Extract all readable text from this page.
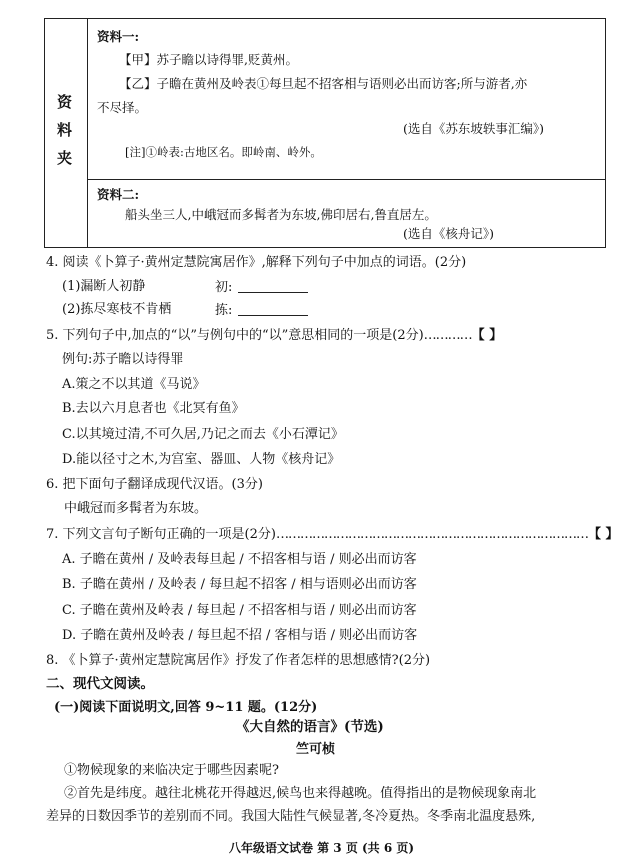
资
料
夹
资料一:
【甲】苏子瞻以诗得罪,贬黄州。
【乙】子瞻在黄州及岭表①每旦起不招客相与语则必出而访客;所与游者,亦
不尽择。
(选自《苏东坡轶事汇编》)
[注]①岭表:古地区名。即岭南、岭外。
资料二:
船头坐三人,中峨冠而多髯者为东坡,佛印居右,鲁直居左。
(选自《核舟记》)
4. 阅读《卜算子·黄州定慧院寓居作》,解释下列句子中加点的词语。(2分)
(1)漏断人初静	初:
(2)拣尽寒枝不肯栖	拣:
5. 下列句子中,加点的“以”与例句中的“以”意思相同的一项是(2分)…………【 】
例句:苏子瞻以诗得罪
A.策之不以其道《马说》
B.去以六月息者也《北冥有鱼》
C.以其境过清,不可久居,乃记之而去《小石潭记》
D.能以径寸之木,为宫室、器皿、人物《核舟记》
6. 把下面句子翻译成现代汉语。(3分)
中峨冠而多髯者为东坡。
7. 下列文言句子断句正确的一项是(2分)……………………………………………………………………【 】
A. 子瞻在黄州 / 及岭表每旦起 / 不招客相与语 / 则必出而访客
B. 子瞻在黄州 / 及岭表 / 每旦起不招客 / 相与语则必出而访客
C. 子瞻在黄州及岭表 / 每旦起 / 不招客相与语 / 则必出而访客
D. 子瞻在黄州及岭表 / 每旦起不招 / 客相与语 / 则必出而访客
8. 《卜算子·黄州定慧院寓居作》抒发了作者怎样的思想感情?(2分)
二、现代文阅读。
(一)阅读下面说明文,回答 9~11 题。(12分)
《大自然的语言》(节选)
竺可桢
①物候现象的来临决定于哪些因素呢?
②首先是纬度。越往北桃花开得越迟,候鸟也来得越晚。值得指出的是物候现象南北
差异的日数因季节的差别而不同。我国大陆性气候显著,冬冷夏热。冬季南北温度悬殊,
八年级语文试卷 第 3 页 (共 6 页)
